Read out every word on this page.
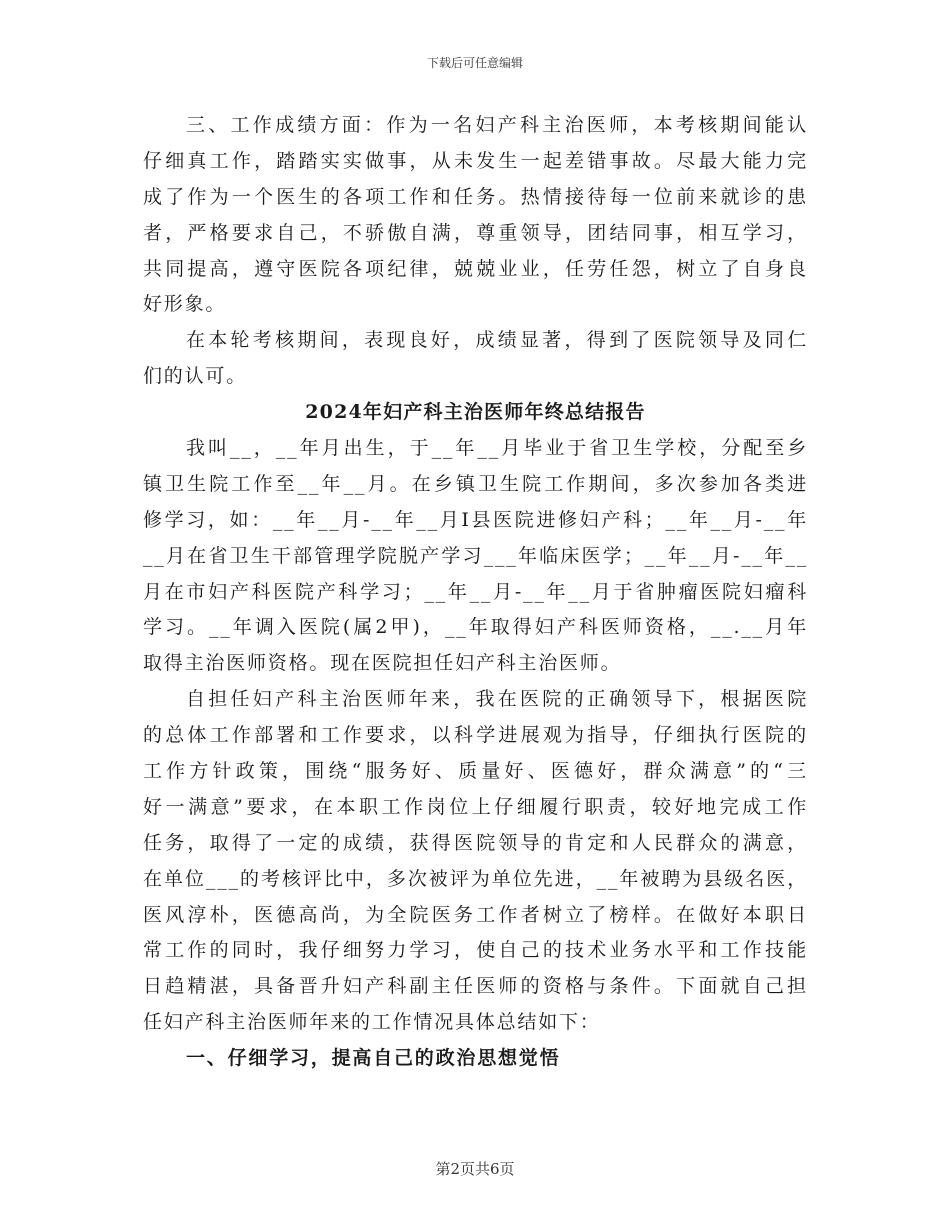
下载后可任意编辑
三、工作成绩方面：作为一名妇产科主治医师，本考核期间能认
仔细真工作，踏踏实实做事，从未发生一起差错事故。尽最大能力完
成了作为一个医生的各项工作和任务。热情接待每一位前来就诊的患
者，严格要求自己，不骄傲自满，尊重领导，团结同事，相互学习，
共同提高，遵守医院各项纪律，兢兢业业，任劳任怨，树立了自身良
好形象。
在本轮考核期间，表现良好，成绩显著，得到了医院领导及同仁
们的认可。
2024年妇产科主治医师年终总结报告
我叫__，__年月出生，于__年__月毕业于省卫生学校，分配至乡
镇卫生院工作至__年__月。在乡镇卫生院工作期间，多次参加各类进
修学习，如：__年__月-__年__月I县医院进修妇产科；__年__月-__年
__月在省卫生干部管理学院脱产学习___年临床医学；__年__月-__年__
月在市妇产科医院产科学习；__年__月-__年__月于省肿瘤医院妇瘤科
学习。__年调入医院(属2甲)，__年取得妇产科医师资格，__.__月年
取得主治医师资格。现在医院担任妇产科主治医师。
自担任妇产科主治医师年来，我在医院的正确领导下，根据医院
的总体工作部署和工作要求，以科学进展观为指导，仔细执行医院的
工作方针政策，围绕“服务好、质量好、医德好，群众满意”的“三
好一满意”要求，在本职工作岗位上仔细履行职责，较好地完成工作
任务，取得了一定的成绩，获得医院领导的肯定和人民群众的满意，
在单位___的考核评比中，多次被评为单位先进，__年被聘为县级名医，
医风淳朴，医德高尚，为全院医务工作者树立了榜样。在做好本职日
常工作的同时，我仔细努力学习，使自己的技术业务水平和工作技能
日趋精湛，具备晋升妇产科副主任医师的资格与条件。下面就自己担
任妇产科主治医师年来的工作情况具体总结如下：
一、仔细学习，提高自己的政治思想觉悟
第2页共6页
